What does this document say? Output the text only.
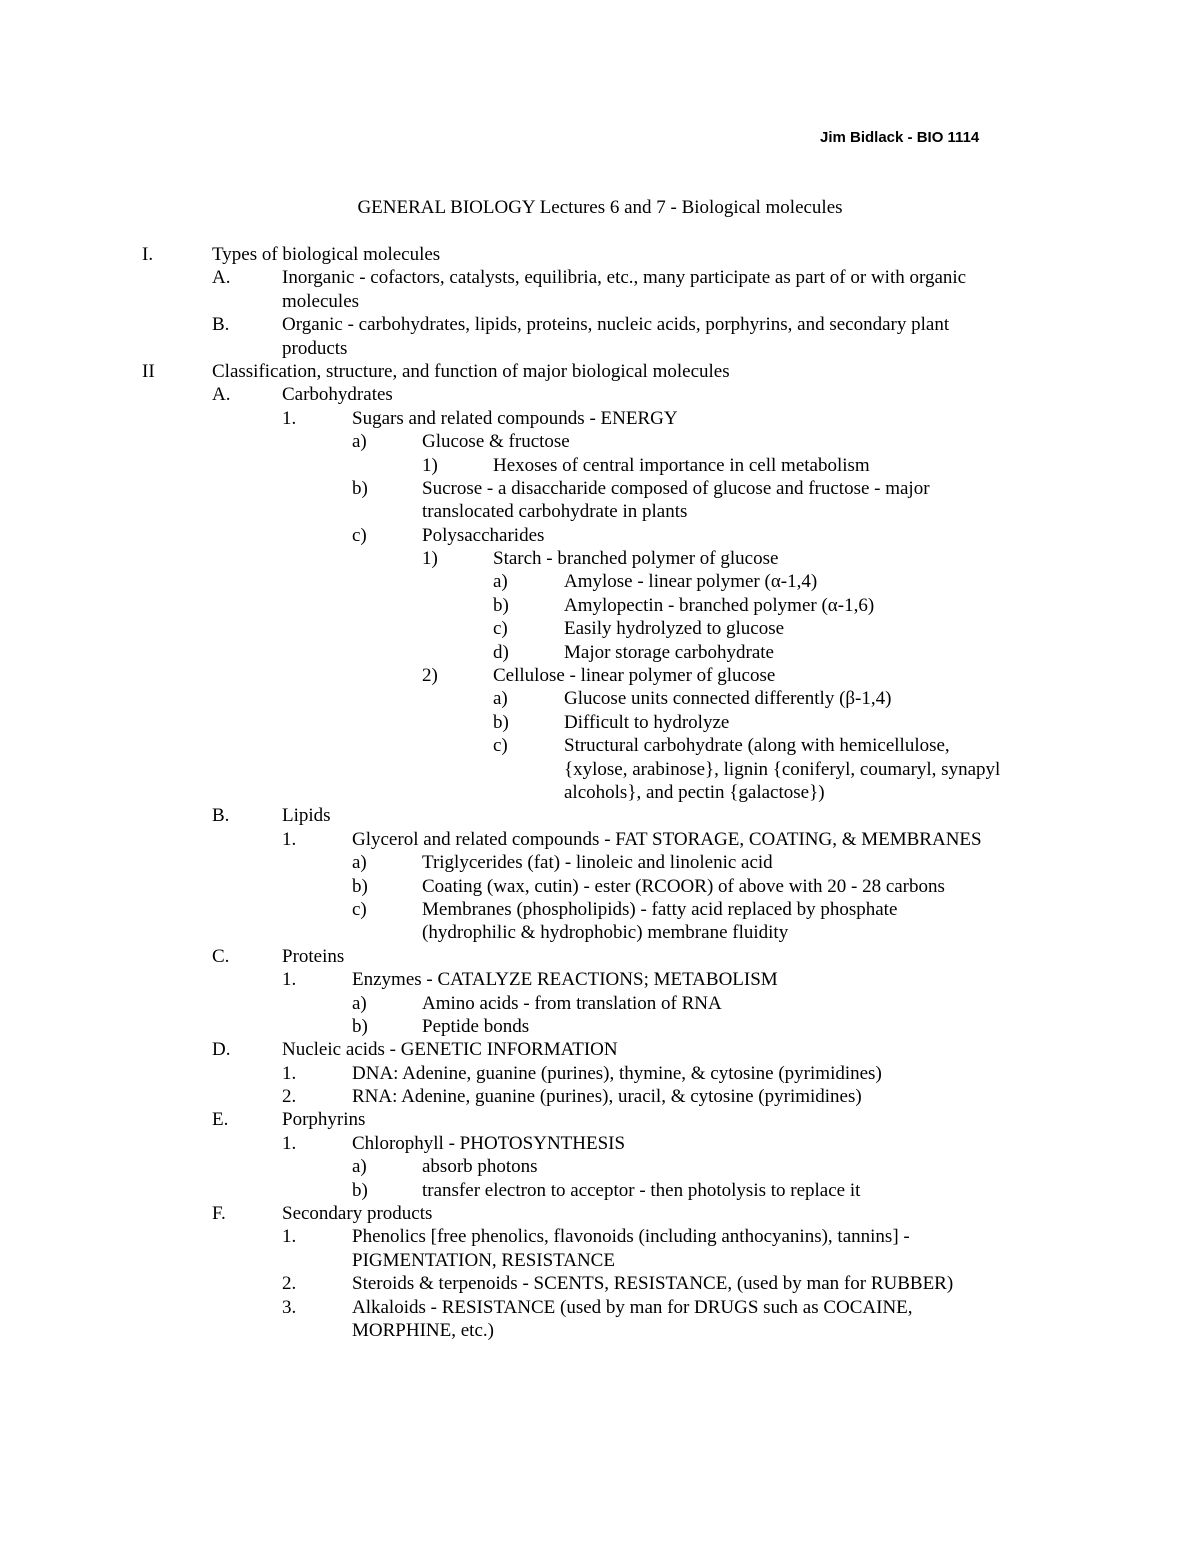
Jim Bidlack - BIO 1114
GENERAL BIOLOGY Lectures 6 and 7 - Biological molecules
I.	Types of biological molecules
A.	Inorganic - cofactors, catalysts, equilibria, etc., many participate as part of or with organic
molecules
B.	Organic - carbohydrates, lipids, proteins, nucleic acids, porphyrins, and secondary plant
products
II	Classification, structure, and function of major biological molecules
A.	Carbohydrates
1.	Sugars and related compounds - ENERGY
a)	Glucose & fructose
1)	Hexoses of central importance in cell metabolism
b)	Sucrose - a disaccharide composed of glucose and fructose - major
translocated carbohydrate in plants
c)	Polysaccharides
1)	Starch - branched polymer of glucose
a)	Amylose - linear polymer (α-1,4)
b)	Amylopectin - branched polymer (α-1,6)
c)	Easily hydrolyzed to glucose
d)	Major storage carbohydrate
2)	Cellulose - linear polymer of glucose
a)	Glucose units connected differently (β-1,4)
b)	Difficult to hydrolyze
c)	Structural carbohydrate (along with hemicellulose,
{xylose, arabinose}, lignin {coniferyl, coumaryl, synapyl
alcohols}, and pectin {galactose})
B.	Lipids
1.	Glycerol and related compounds - FAT STORAGE, COATING, & MEMBRANES
a)	Triglycerides (fat) - linoleic and linolenic acid
b)	Coating (wax, cutin) - ester (RCOOR) of above with 20 - 28 carbons
c)	Membranes (phospholipids) - fatty acid replaced by phosphate
(hydrophilic & hydrophobic) membrane fluidity
C.	Proteins
1.	Enzymes - CATALYZE REACTIONS; METABOLISM
a)	Amino acids - from translation of RNA
b)	Peptide bonds
D.	Nucleic acids - GENETIC INFORMATION
1.	DNA: Adenine, guanine (purines), thymine, & cytosine (pyrimidines)
2.	RNA: Adenine, guanine (purines), uracil, & cytosine (pyrimidines)
E.	Porphyrins
1.	Chlorophyll - PHOTOSYNTHESIS
a)	absorb photons
b)	transfer electron to acceptor - then photolysis to replace it
F.	Secondary products
1.	Phenolics [free phenolics, flavonoids (including anthocyanins), tannins] -
PIGMENTATION, RESISTANCE
2.	Steroids & terpenoids - SCENTS, RESISTANCE, (used by man for RUBBER)
3.	Alkaloids - RESISTANCE (used by man for DRUGS such as COCAINE,
MORPHINE, etc.)
